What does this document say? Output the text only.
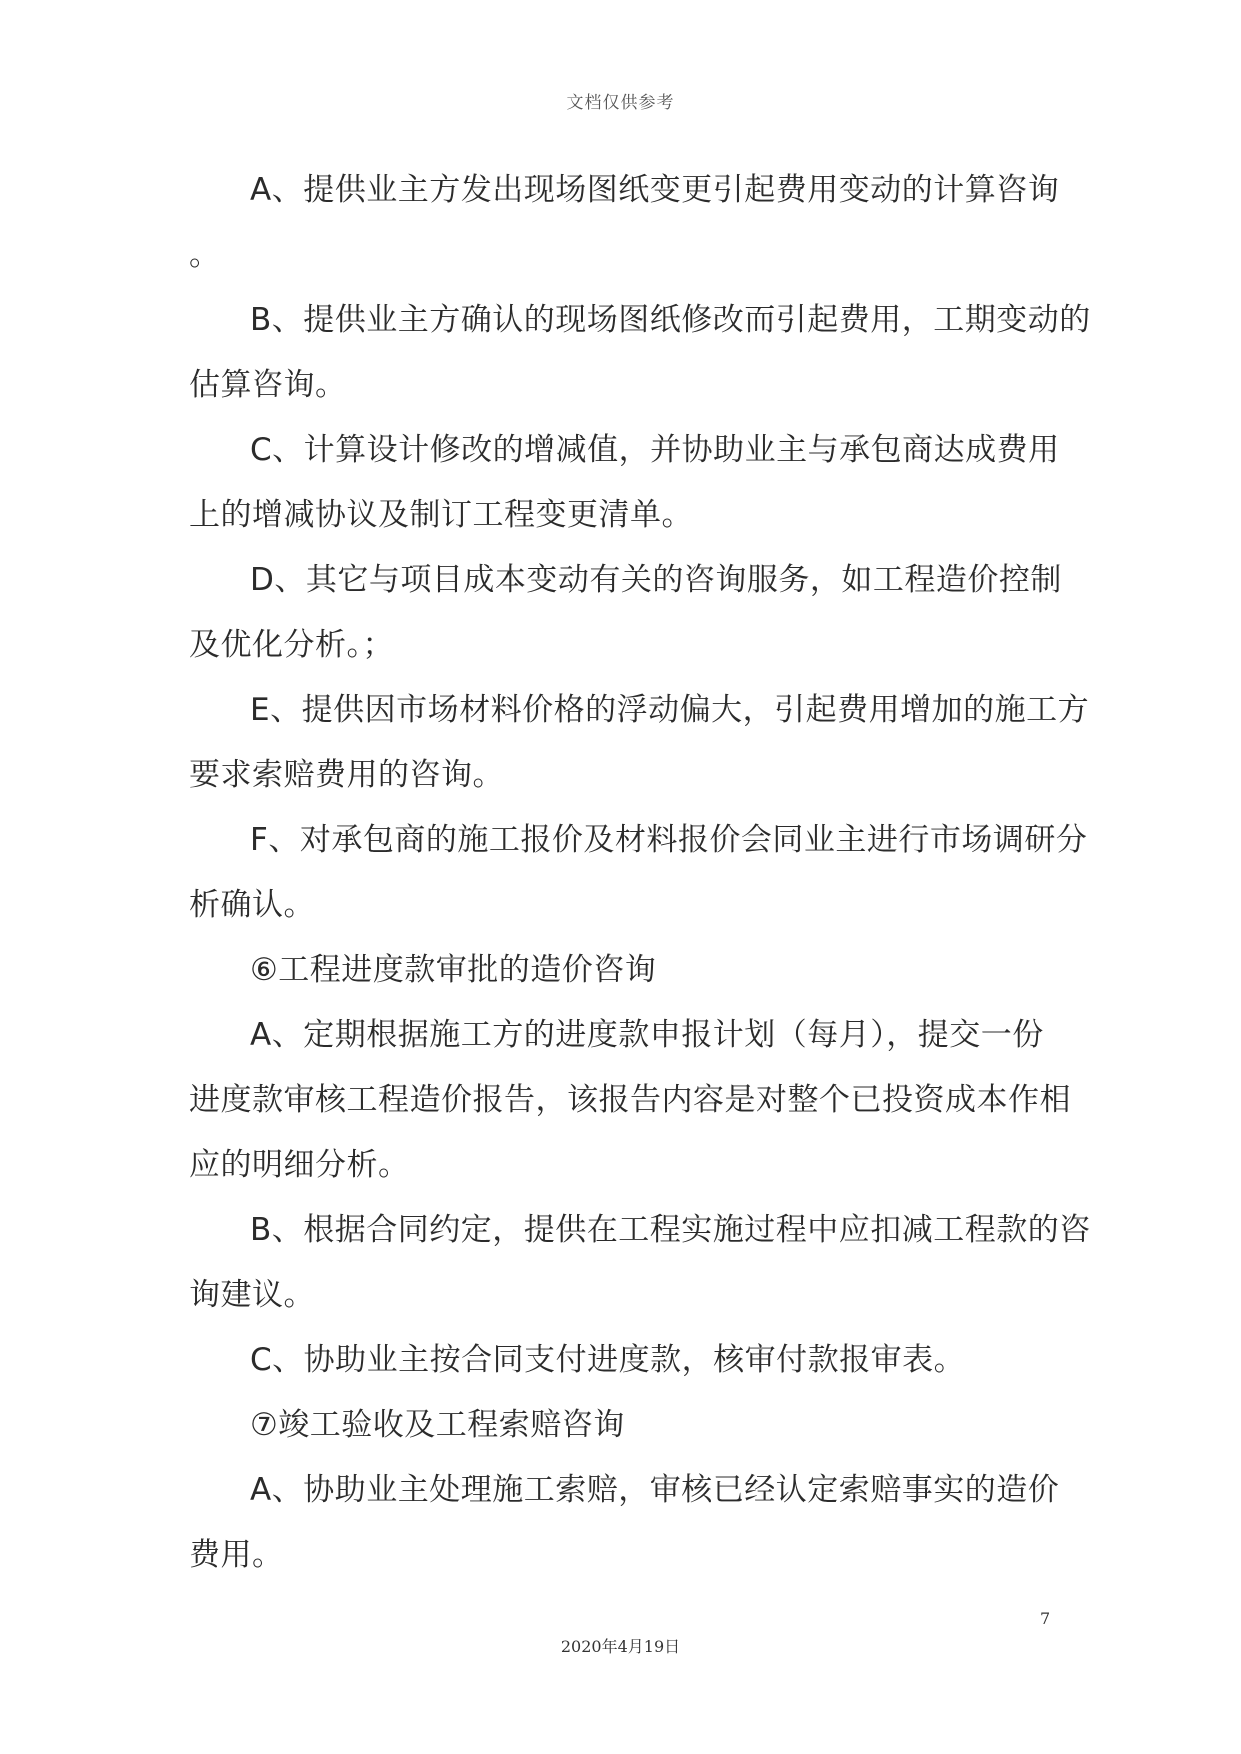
文档仅供参考
A、提供业主方发出现场图纸变更引起费用变动的计算咨询
。
B、提供业主方确认的现场图纸修改而引起费用，工期变动的
估算咨询。
C、计算设计修改的增减值，并协助业主与承包商达成费用
上的增减协议及制订工程变更清单。
D、其它与项目成本变动有关的咨询服务，如工程造价控制
及优化分析。；
E、提供因市场材料价格的浮动偏大，引起费用增加的施工方
要求索赔费用的咨询。
F、对承包商的施工报价及材料报价会同业主进行市场调研分
析确认。
⑥工程进度款审批的造价咨询
A、定期根据施工方的进度款申报计划（每月），提交一份
进度款审核工程造价报告，该报告内容是对整个已投资成本作相
应的明细分析。
B、根据合同约定，提供在工程实施过程中应扣减工程款的咨
询建议。
C、协助业主按合同支付进度款，核审付款报审表。
⑦竣工验收及工程索赔咨询
A、协助业主处理施工索赔，审核已经认定索赔事实的造价
费用。
7
2020年4月19日
